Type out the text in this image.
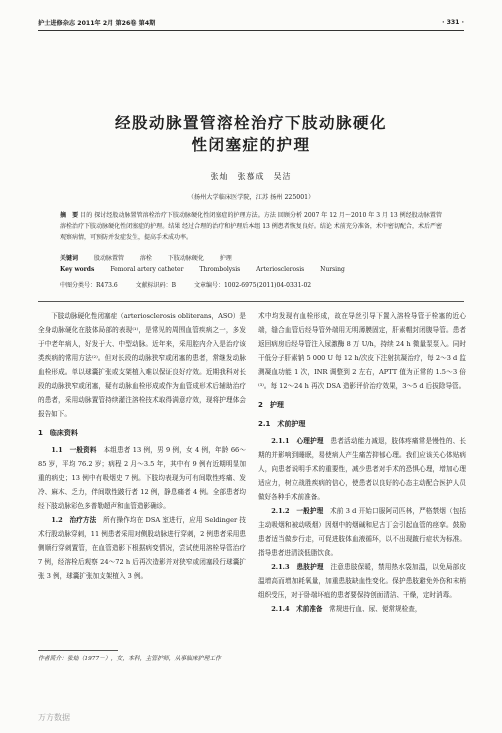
护士进修杂志 2011年 2月 第26卷 第4期	· 331 ·
经股动脉置管溶栓治疗下肢动脉硬化
性闭塞症的护理
张灿　张慕成　吴洁
（扬州大学临床医学院，江苏 扬州 225001）
摘　要 目的 探讨经股动脉置管溶栓治疗下肢动脉硬化性闭塞症的护理方法。方法 回顾分析 2007 年 12 月～2010 年 3 月 13 例经股动脉置管溶栓治疗下肢动脉硬化性闭塞症的护理。结果 经过合理的治疗和护理后本组 13 例患者恢复良好。结论 术前充分准备，术中密切配合，术后严密观察病情，可预防并发症发生，提高手术成功率。
关键词	股动脉置管	溶栓	下肢动脉硬化	护理
Key words	Femoral artery catheter	Thrombolysis	Arteriosclerosis	Nursing
中图分类号：R473.6	文献标识码：B	文章编号：1002-6975(2011)04-0331-02

下肢动脉硬化性闭塞症（arteriosclerosis obliterans，ASO）是全身动脉硬化在肢体局部的表现⁽¹⁾，是常见的周围血管疾病之一，多发于中老年病人，好发于大、中型动脉。近年来，采用腔内介入是治疗该类疾病的常用方法⁽²⁾。但对长段的动脉狭窄或闭塞的患者，常继发动脉血栓形成。单以球囊扩张或支架植入难以保证良好疗效。近期我科对长段的动脉狭窄或闭塞，疑有动脉血栓形成或作为血管成形术后辅助治疗的患者，采用动脉置管持续灌注溶栓技术取得满意疗效，现将护理体会报告如下。

1　临床资料

1.1　一般资料　 本组患者 13 例，男 9 例，女 4 例，年龄 66～85 岁，平均 76.2 岁；病程 2 月～3.5 年，其中有 9 例有近期明显加重的病史；13 例中有吸烟史 7 例。下肢均表现为可有间歇性疼痛、发冷、麻木、乏力，伴间歇性跛行者 12 例，静息痛者 4 例。全部患者均经下肢动脉彩色多普勒超声和血管造影确诊。

1.2　治疗方法　 所有操作均在 DSA 室进行，应用 Seldinger 技术行股动脉穿刺，11 例患者采用对侧股动脉进行穿刺，2 例患者采用患侧顺行穿刺置管，在血管造影下根据病变情况，尝试使用溶栓导管治疗 7 例，经溶栓后观察 24～72 h 后再次造影并对狭窄或闭塞段行球囊扩张 3 例，球囊扩张加支架植入 3 例。

术中均发现有血栓形成，故在导丝引导下置入溶栓导管于栓塞的近心端，缝合血管后经导管外端用无明薄膜固定，肝素帽封闭腹导管。患者返回病房后经导管注入尿激酶 8 万 U/h，持续 24 h 微量泵泵入。同时干低分子肝素钠 5 000 U 每 12 h/次皮下注射抗凝治疗，每 2～3 d 监测凝血功能 1 次，INR 调整到 2 左右，APTT 值为正常的 1.5～3 倍⁽³⁾。每 12～24 h 再次 DSA 造影评价治疗效果，3～5 d 后拔除导管。

2　护理
2.1　术前护理

2.1.1　心理护理　 患者活动能力减退，肢体疼痛常是慢性的、长期的并影响到睡眠，易使病人产生痛苦抑郁心理。我们应该关心体贴病人，向患者说明手术的重要性，减少患者对手术的恐惧心理，增加心理适应力，树立战胜疾病的信心，使患者以良好的心态主动配合医护人员做好各种手术前准备。

2.1.2　一般护理　 术前 3 d 开始口服阿司匹林，严格禁烟（包括主动吸烟和被动吸烟）因烟中的烟碱和尼古丁会引起血管的痉挛。鼓励患者适当做步行走，可促进肢体血液循环，以不出现跛行症状为标准。指导患者进清淡低脂饮食。

2.1.3　患肢护理　 注意患肢保暖，禁用热水袋加温，以免局部皮温增高而增加耗氧量，加重患肢缺血性变化。保护患肢避免外伤和末梢组织受压，对于卧端坏疽的患者要保持创面清洁、干燥，定时消毒。

2.1.4　术前准备　 常规进行血、尿、便常规检查，

作者简介：张灿（1977－），女，本科，主管护师，从事临床护理工作
万方数据
